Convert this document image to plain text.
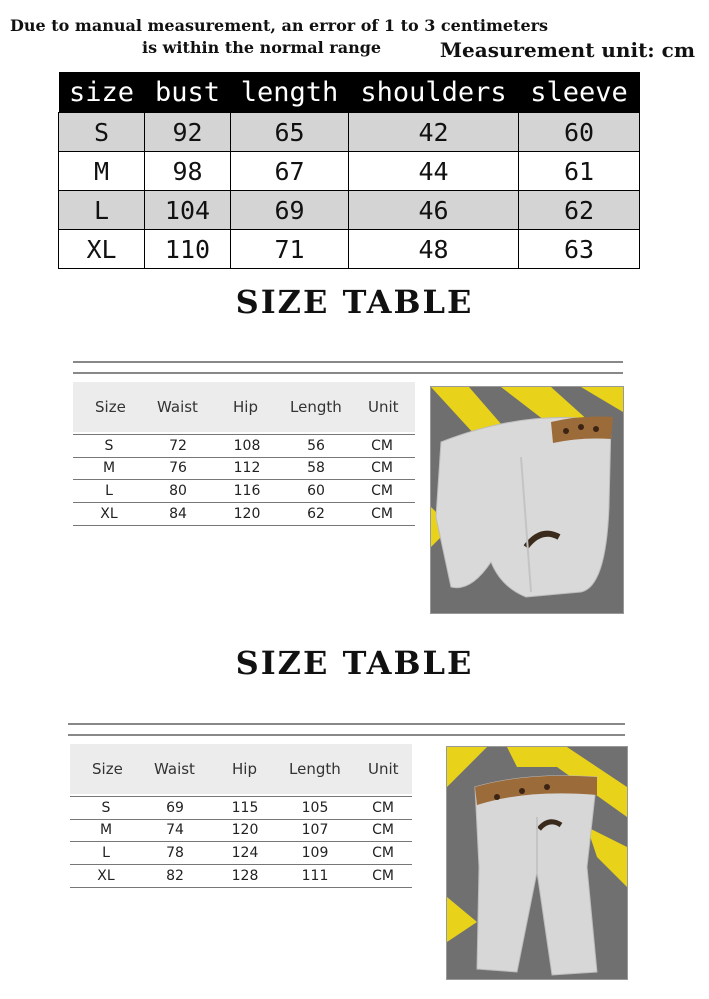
Due to manual measurement, an error of 1 to 3 centimeters
is within the normal range	Measurement unit: cm
size	bust	length	shoulders	sleeve
S	92	65	42	60
M	98	67	44	61
L	104	69	46	62
XL	110	71	48	63
SIZE TABLE
Size Waist Hip Length Unit
S	72	108	56	CM
M	76	112	58	CM
L	80	116	60	CM
XL	84	120	62	CM
SIZE TABLE
Size Waist Hip Length Unit
S	69	115	105	CM
M	74	120	107	CM
L	78	124	109	CM
XL	82	128	111	CM
